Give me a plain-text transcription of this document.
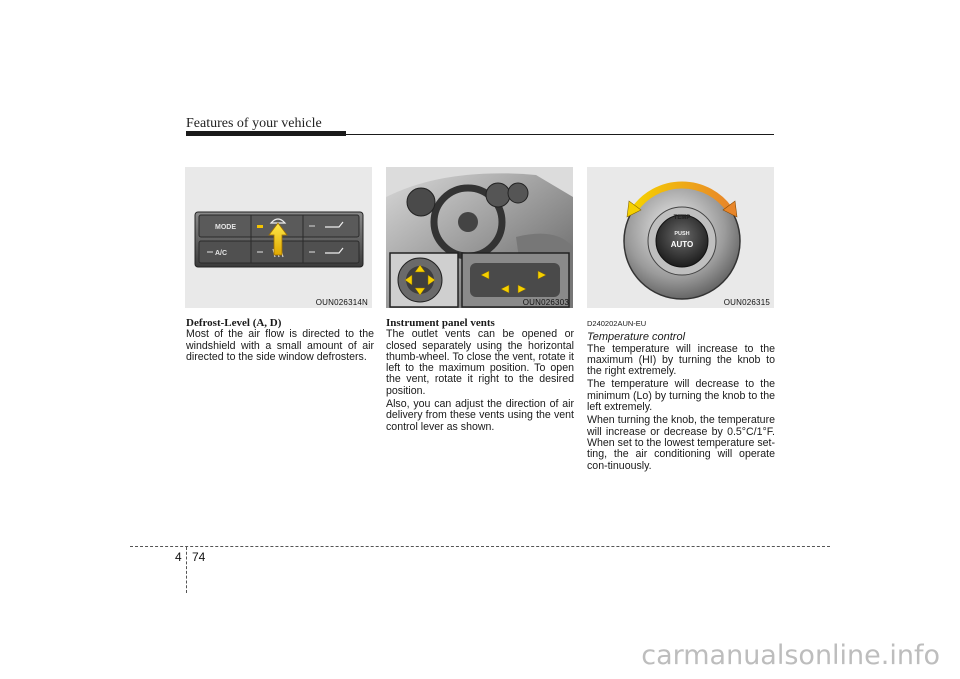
Features of your vehicle
MODE
A/C
OUN026314N	OUN026303
TEMP
PUSH
AUTO
OUN026315
Defrost-Level (A, D)

Most of the air flow is directed to the windshield with a small amount of air directed to the side window defrosters.

Instrument panel vents

The outlet vents can be opened or closed separately using the horizontal thumb-wheel. To close the vent, rotate it left to the maximum position. To open the vent, rotate it right to the desired position.

Also, you can adjust the direction of air delivery from these vents using the vent control lever as shown.

D240202AUN-EU
Temperature control

The temperature will increase to the maximum (HI) by turning the knob to the right extremely.

The temperature will decrease to the minimum (Lo) by turning the knob to the left extremely.

When turning the knob, the temperature will increase or decrease by 0.5°C/1°F. When set to the lowest temperature set-ting, the air conditioning will operate con-tinuously.

4 74
carmanualsonline.info
